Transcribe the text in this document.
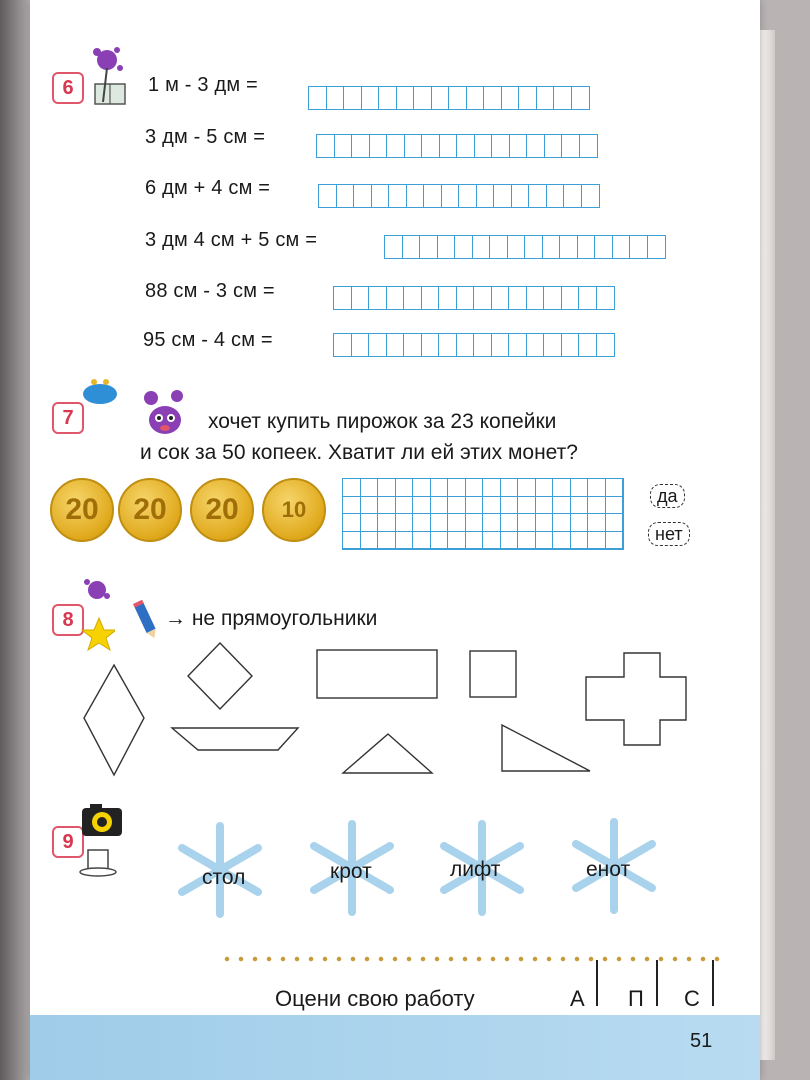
6	1 м - 3 дм =
3 дм - 5 см =
6 дм + 4 см =
3 дм 4 см + 5 см =
88 см - 3 см =
95 см - 4 см =
7	хочет купить пирожок за 23 копейки
и сок за 50 копеек. Хватит ли ей этих монет?
20	20	20	10
да
нет
8	→ не прямоугольники
9
стол	крот	лифт	енот
Оцени свою работу	А П С
51
